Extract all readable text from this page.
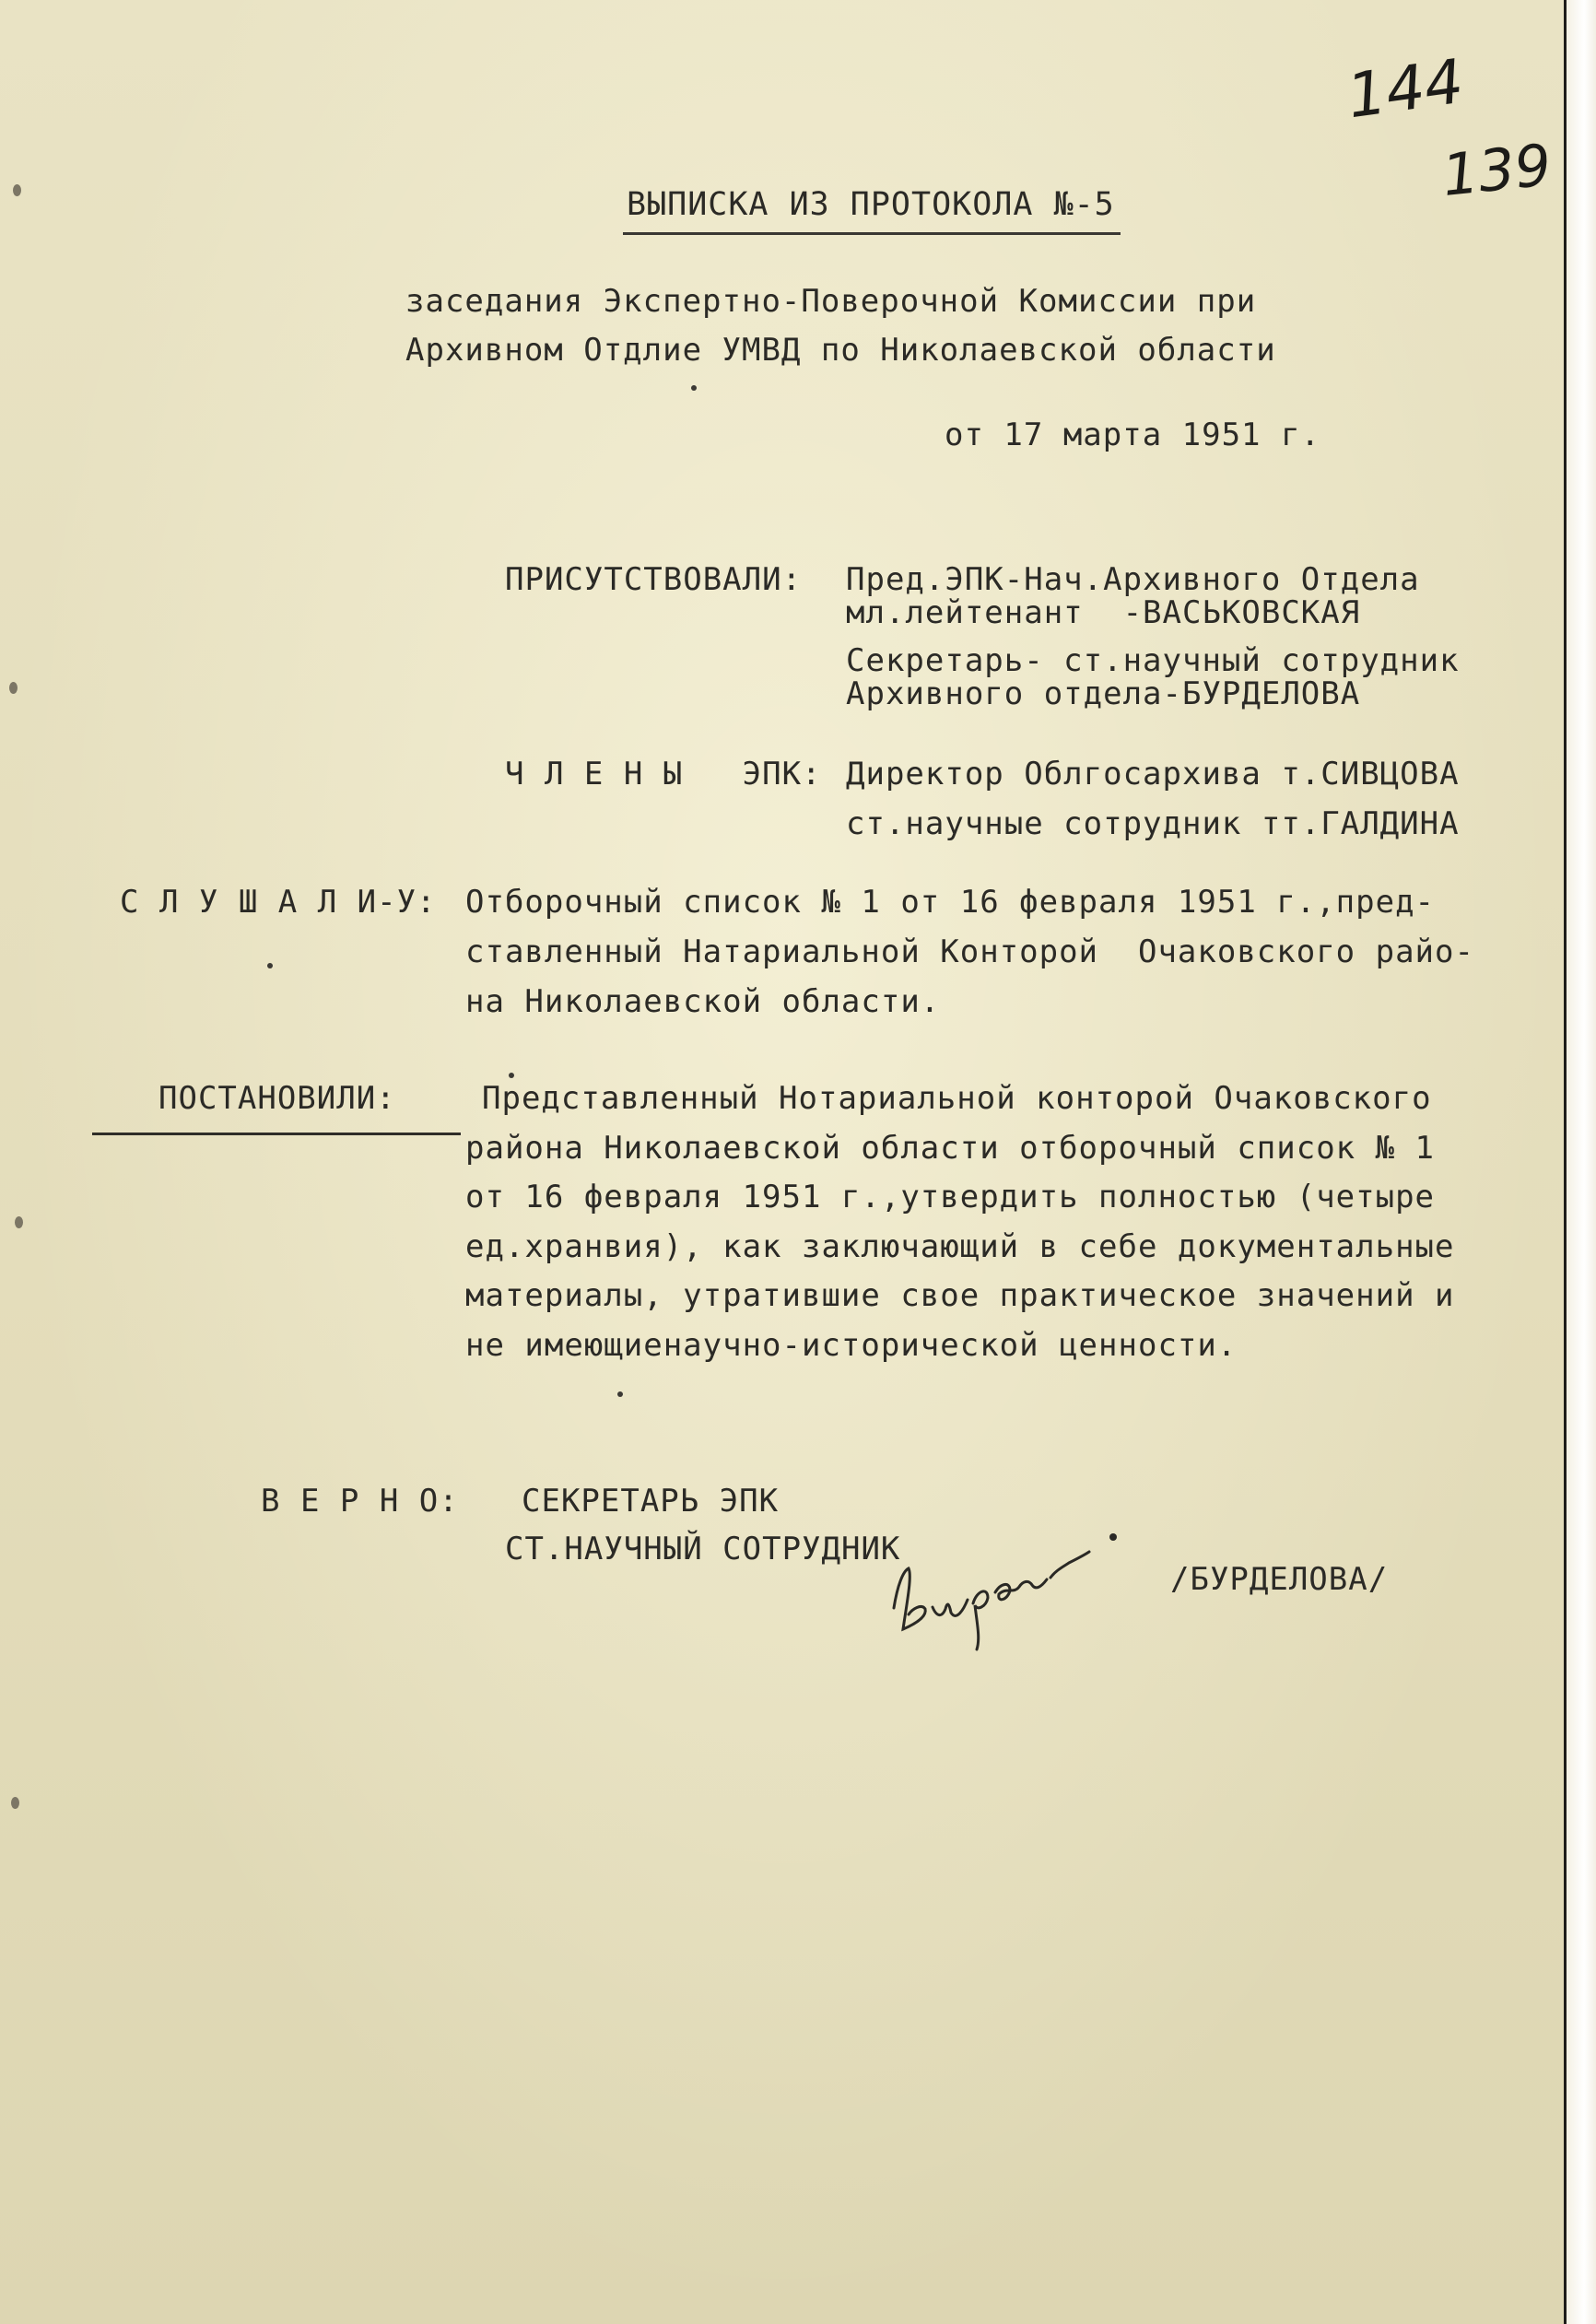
144
139
ВЫПИСКА ИЗ ПРОТОКОЛА №-5
заседания Экспертно-Поверочной Комиссии при
Архивном Отдлие УМВД по Николаевской области
от 17 марта 1951 г.
ПРИСУТСТВОВАЛИ: Пред.ЭПК-Нач.Архивного Отдела
мл.лейтенант  -ВАСЬКОВСКАЯ
Секретарь- ст.научный сотрудник
Архивного отдела-БУРДЕЛОВА
Ч Л Е Н Ы   ЭПК: Директор Облгосархива т.СИВЦОВА
ст.научные сотрудник тт.ГАЛДИНА
С Л У Ш А Л И-У: Отборочный список № 1 от 16 февраля 1951 г.,пред-
ставленный Натариальной Конторой  Очаковского райо-
на Николаевской области.
ПОСТАНОВИЛИ:	Представленный Нотариальной конторой Очаковского
района Николаевской области отборочный список № 1
от 16 февраля 1951 г.,утвердить полностью (четыре
ед.хранвия), как заключающий в себе документальные
материалы, утратившие свое практическое значений и
не имеющиенаучно-исторической ценности.
В Е Р Н О: СЕКРЕТАРЬ ЭПК
СТ.НАУЧНЫЙ СОТРУДНИК
/БУРДЕЛОВА/
